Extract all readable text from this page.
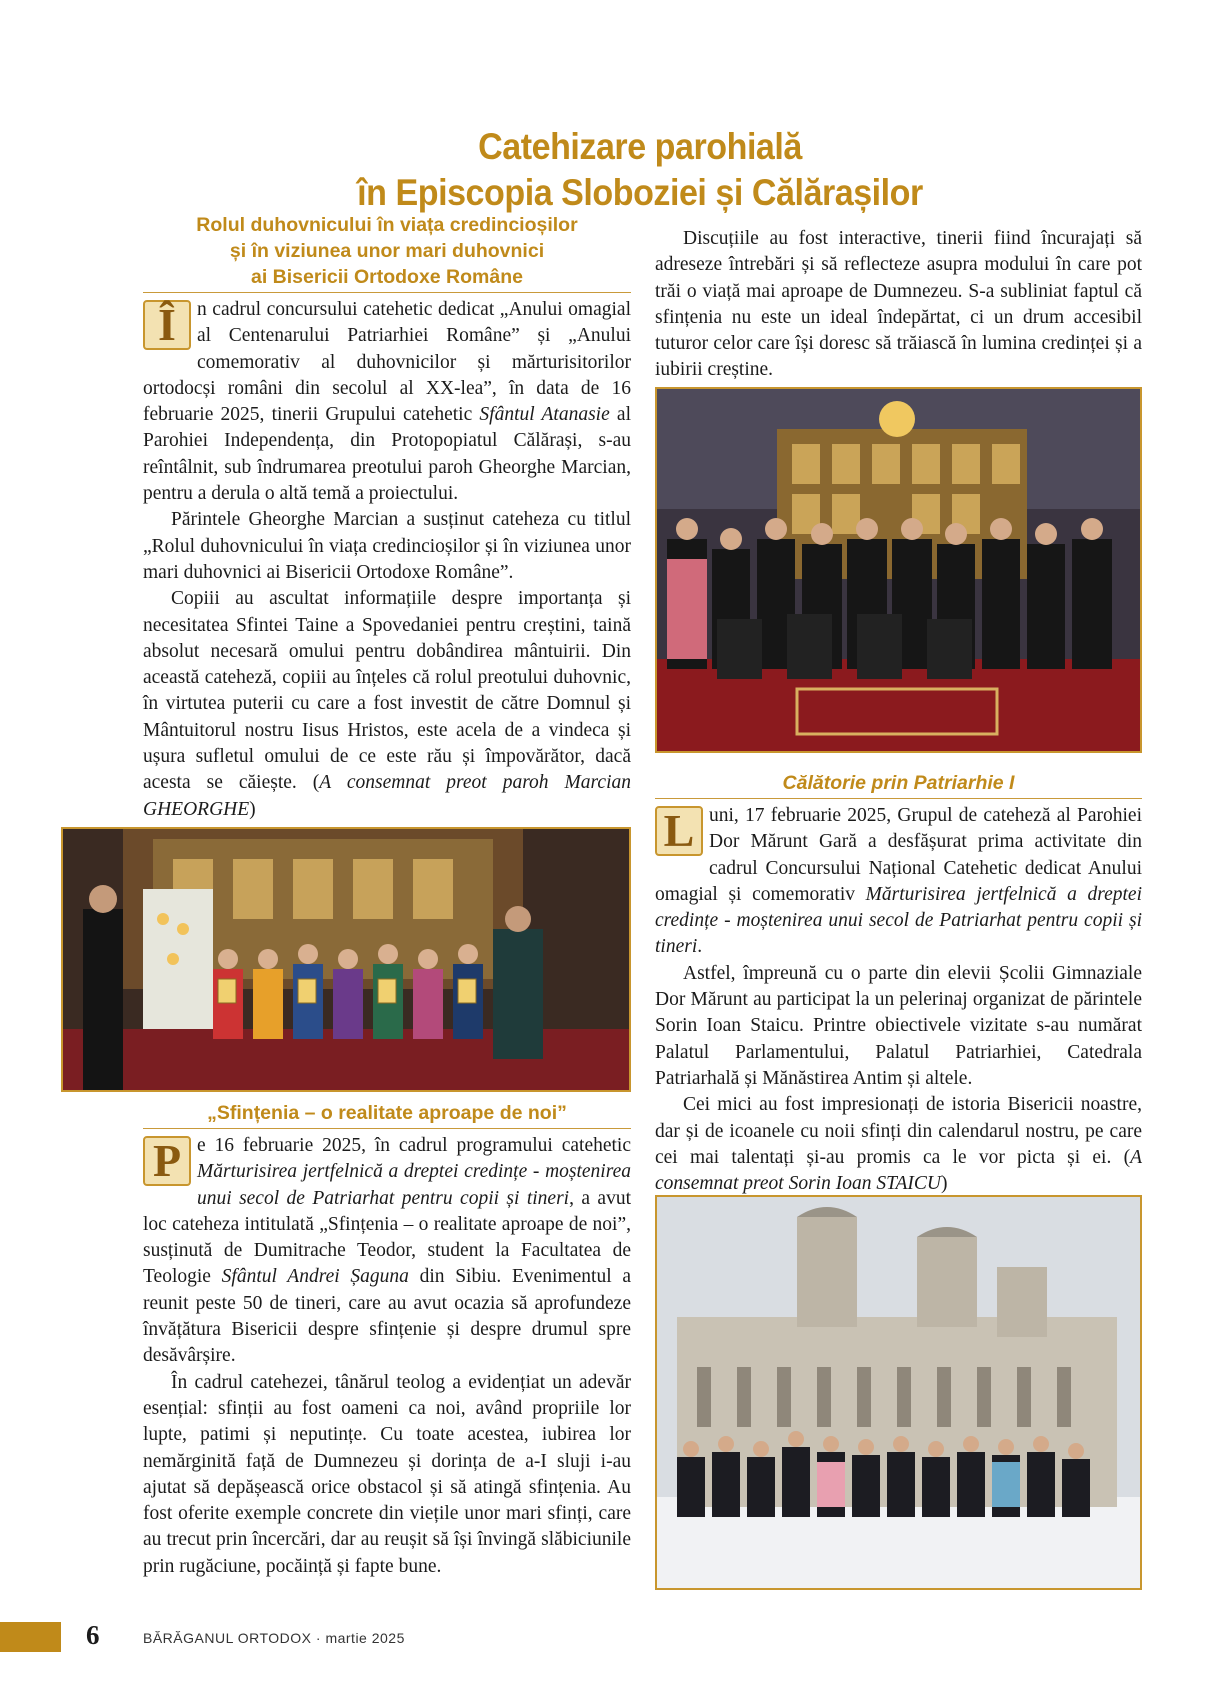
Catehizare parohială
în Episcopia Sloboziei și Călărașilor
Rolul duhovnicului în viața credincioșilor
și în viziunea unor mari duhovnici
ai Bisericii Ortodoxe Române

Î	n cadrul concursului catehetic dedicat „Anului omagial al Centenarului Patriarhiei Române” și „Anului comemorativ al duhovnicilor și mărturisitorilor ortodocși români din secolul al XX-lea”, în data de 16 februarie 2025, tinerii Grupului catehetic Sfântul Atanasie al Parohiei Independența, din Protopopiatul Călărași, s-au reîntâlnit, sub îndrumarea preotului paroh Gheorghe Marcian, pentru a derula o altă temă a proiectului.

Părintele Gheorghe Marcian a susținut cateheza cu titlul „Rolul duhovnicului în viața credincioșilor și în viziunea unor mari duhovnici ai Bisericii Ortodoxe Române”.

Copiii au ascultat informațiile despre importanța și necesitatea Sfintei Taine a Spovedaniei pentru creștini, taină absolut necesară omului pentru dobândirea mântuirii. Din această cateheză, copiii au înțeles că rolul preotului duhovnic, în virtutea puterii cu care a fost investit de către Domnul și Mântuitorul nostru Iisus Hristos, este acela de a vindeca și ușura sufletul omului de ce este rău și împovărător, dacă acesta se căiește. (A consemnat preot paroh Marcian GHEORGHE)

„Sfințenia – o realitate aproape de noi”

P e 16 februarie 2025, în cadrul programului catehetic Mărturisirea jertfelnică a dreptei credințe - moștenirea unui secol de Patriarhat pentru copii și tineri, a avut loc cateheza intitulată „Sfințenia – o realitate aproape de noi”, susținută de Dumitrache Teodor, student la Facultatea de Teologie Sfântul Andrei Șaguna din Sibiu. Evenimentul a reunit peste 50 de tineri, care au avut ocazia să aprofundeze învățătura Bisericii despre sfințenie și despre drumul spre desăvârșire.

În cadrul catehezei, tânărul teolog a evidențiat un adevăr esențial: sfinții au fost oameni ca noi, având propriile lor lupte, patimi și neputințe. Cu toate acestea, iubirea lor nemărginită față de Dumnezeu și dorința de a-I sluji i-au ajutat să depășească orice obstacol și să atingă sfințenia. Au fost oferite exemple concrete din viețile unor mari sfinți, care au trecut prin încercări, dar au reușit să își învingă slăbiciunile prin rugăciune, pocăință și fapte bune.

Discuțiile au fost interactive, tinerii fiind încurajați să adreseze întrebări și să reflecteze asupra modului în care pot trăi o viață mai aproape de Dumnezeu. S-a subliniat faptul că sfințenia nu este un ideal îndepărtat, ci un drum accesibil tuturor celor care își doresc să trăiască în lumina credinței și a iubirii creștine.

Călătorie prin Patriarhie I

L uni, 17 februarie 2025, Grupul de cateheză al Parohiei Dor Mărunt Gară a desfășurat prima activitate din cadrul Concursului Național Catehetic dedicat Anului omagial și comemorativ Mărturisirea jertfelnică a dreptei credințe - moștenirea unui secol de Patriarhat pentru copii și tineri.

Astfel, împreună cu o parte din elevii Școlii Gimnaziale Dor Mărunt au participat la un pelerinaj organizat de părintele Sorin Ioan Staicu. Printre obiectivele vizitate s-au numărat Palatul Parlamentului, Palatul Patriarhiei, Catedrala Patriarhală și Mănăstirea Antim și altele.

Cei mici au fost impresionați de istoria Bisericii noastre, dar și de icoanele cu noii sfinți din calendarul nostru, pe care cei mai talentați și-au promis ca le vor picta și ei. (A consemnat preot Sorin Ioan STAICU)

6	BĂRĂGANUL ORTODOX · martie 2025
